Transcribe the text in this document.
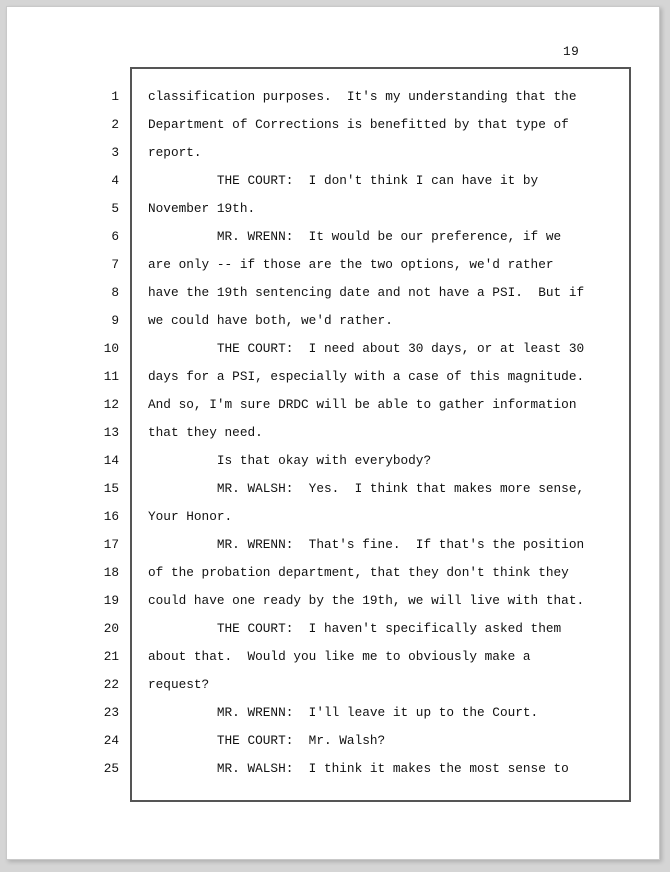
19
1	classification purposes.  It's my understanding that the
2	Department of Corrections is benefitted by that type of
3	report.
4	THE COURT:  I don't think I can have it by
5	November 19th.
6	MR. WRENN:  It would be our preference, if we
7	are only -- if those are the two options, we'd rather
8	have the 19th sentencing date and not have a PSI.  But if
9	we could have both, we'd rather.
10	THE COURT:  I need about 30 days, or at least 30
11	days for a PSI, especially with a case of this magnitude.
12	And so, I'm sure DRDC will be able to gather information
13	that they need.
14	Is that okay with everybody?
15	MR. WALSH:  Yes.  I think that makes more sense,
16	Your Honor.
17	MR. WRENN:  That's fine.  If that's the position
18	of the probation department, that they don't think they
19	could have one ready by the 19th, we will live with that.
20	THE COURT:  I haven't specifically asked them
21	about that.  Would you like me to obviously make a
22	request?
23	MR. WRENN:  I'll leave it up to the Court.
24	THE COURT:  Mr. Walsh?
25	MR. WALSH:  I think it makes the most sense to
